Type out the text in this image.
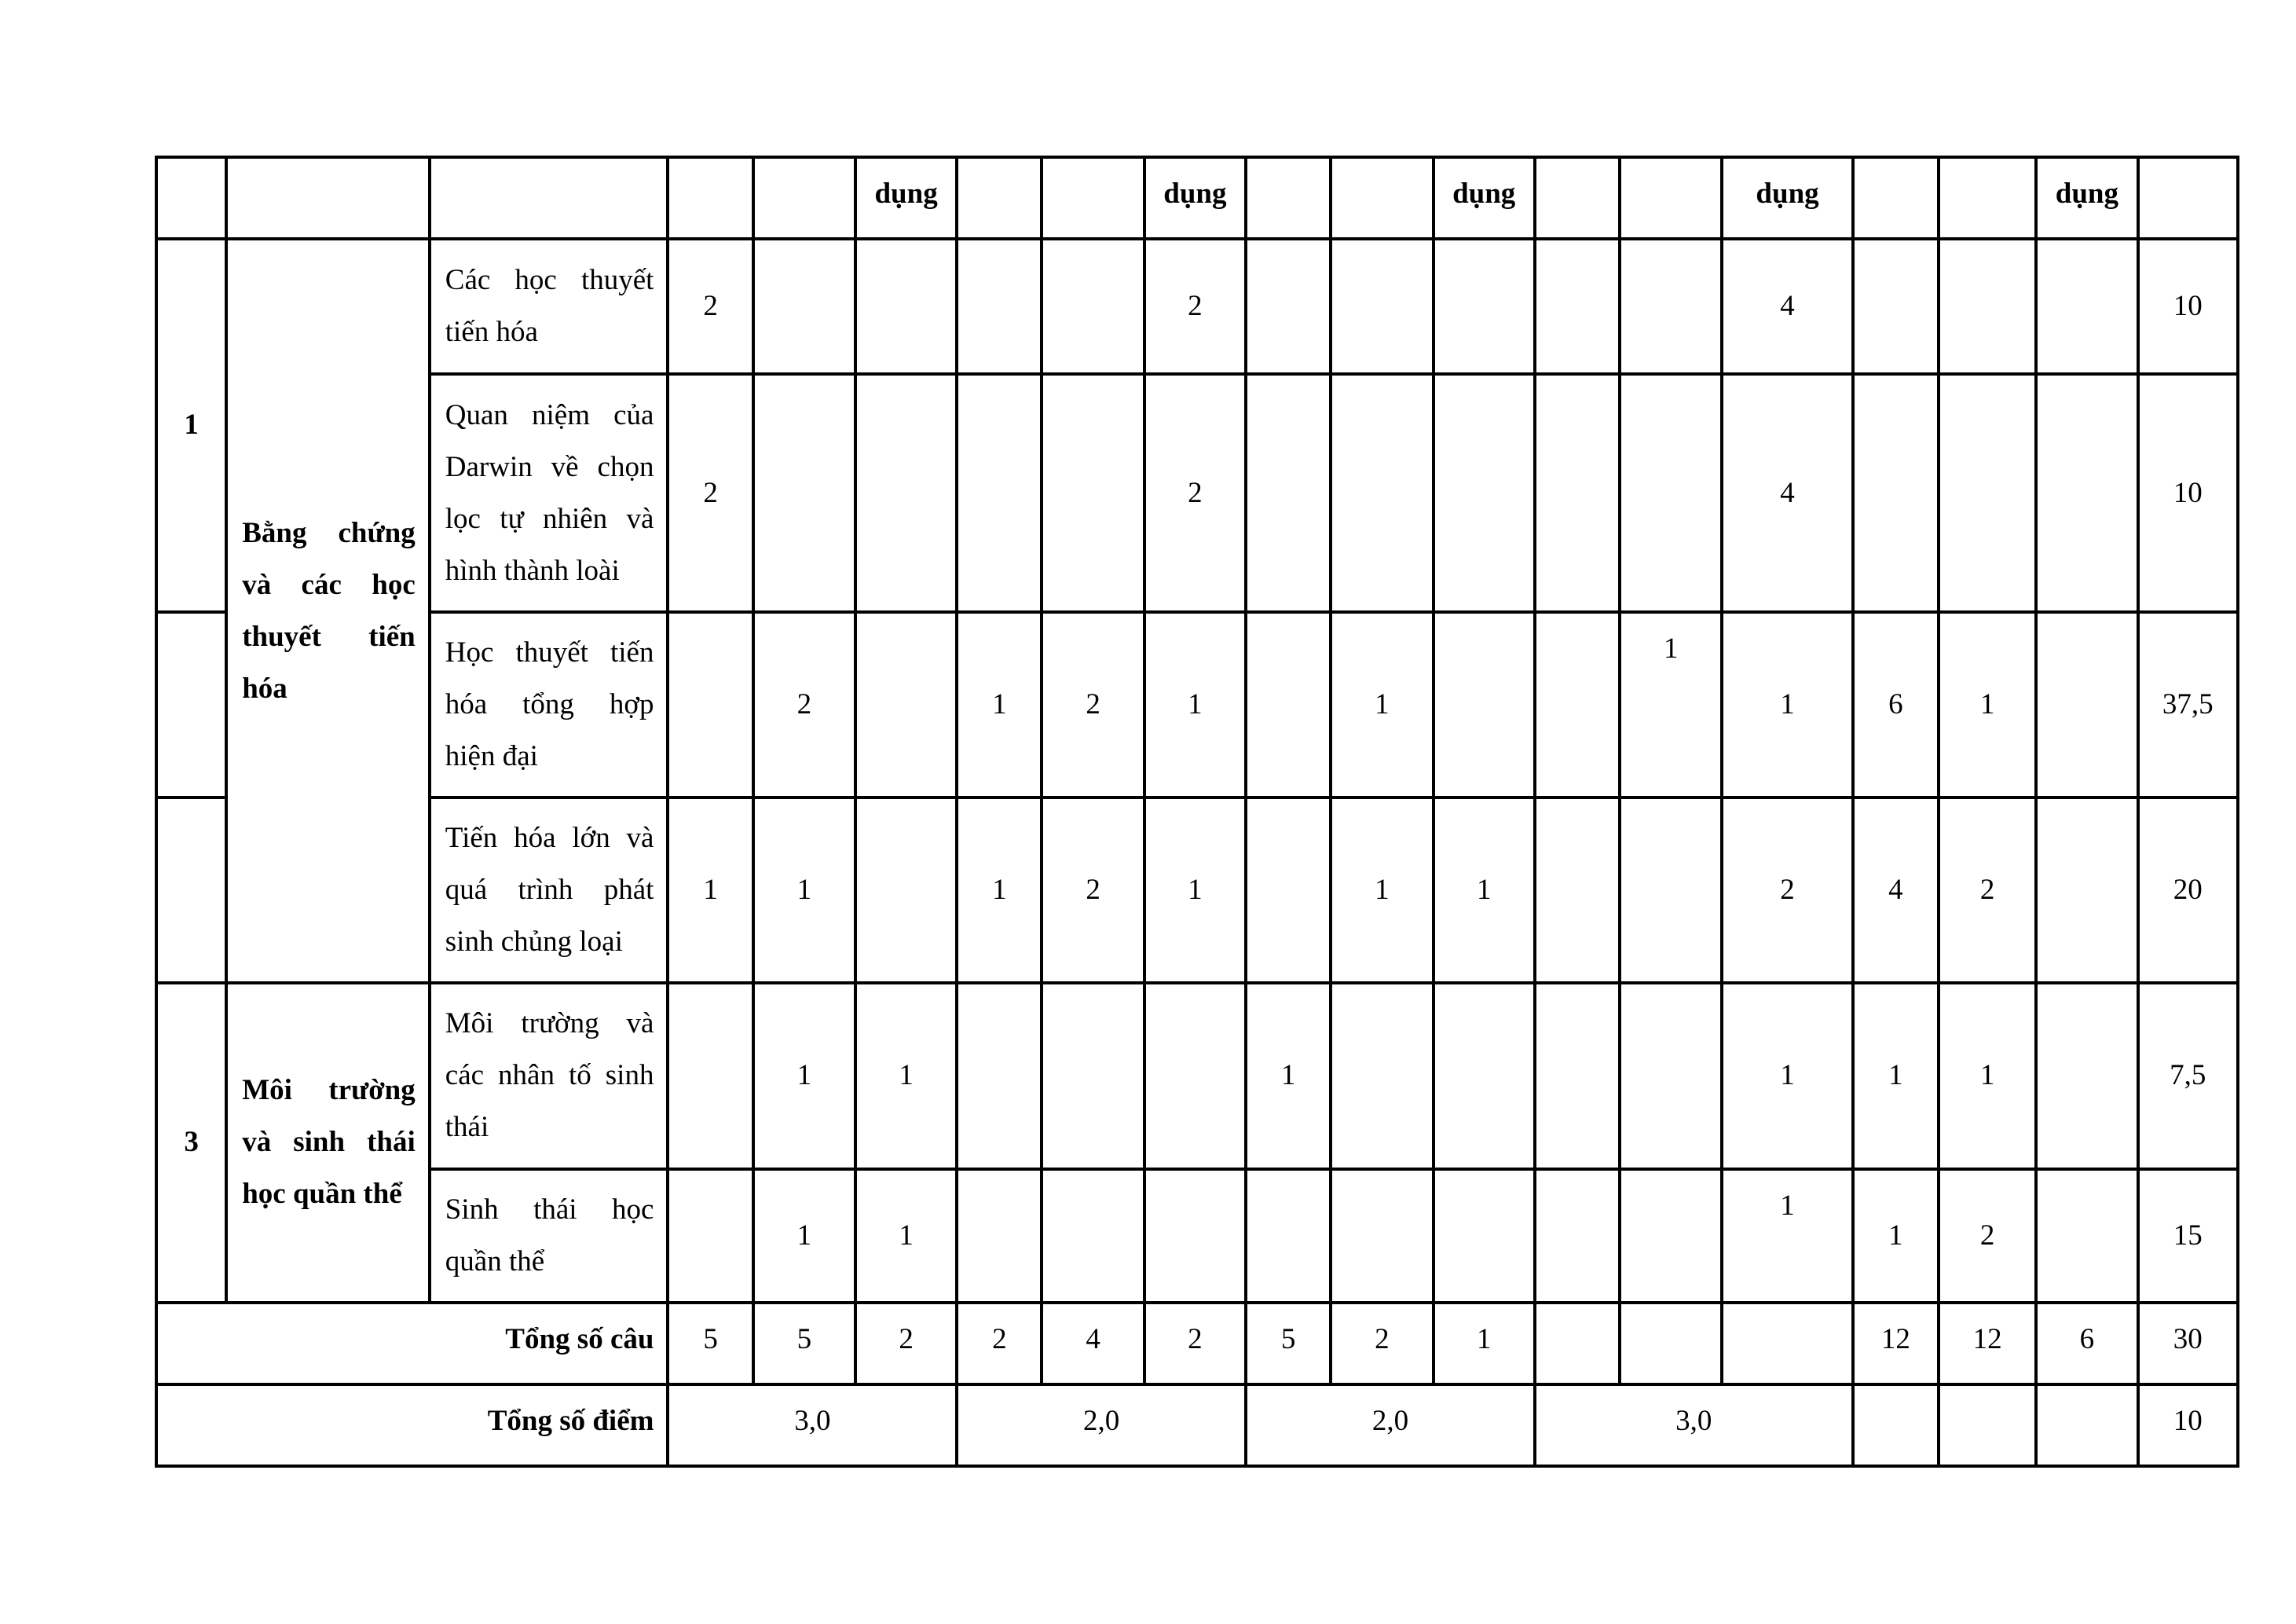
					dụng			dụng			dụng			dụng			dụng	
1	Bằng chứng và các học thuyết tiến hóa	Các học thuyết tiến hóa	2					2						4				10
		Quan niệm của Darwin về chọn lọc tự nhiên và hình thành loài	2					2						4				10
		Học thuyết tiến hóa tổng hợp hiện đại		2		1	2	1		1			1	1	6	1		37,5
		Tiến hóa lớn và quá trình phát sinh chủng loại	1	1		1	2	1		1	1			2	4	2		20
3	Môi trường và sinh thái học quần thể	Môi trường và các nhân tố sinh thái		1	1				1					1	1	1		7,5
		Sinh thái học quần thể		1	1									1	1	2		15
Tổng số câu			5	5	2	2	4	2	5	2	1				12	12	6	30
Tổng số điểm			3,0			2,0			2,0			3,0						10
